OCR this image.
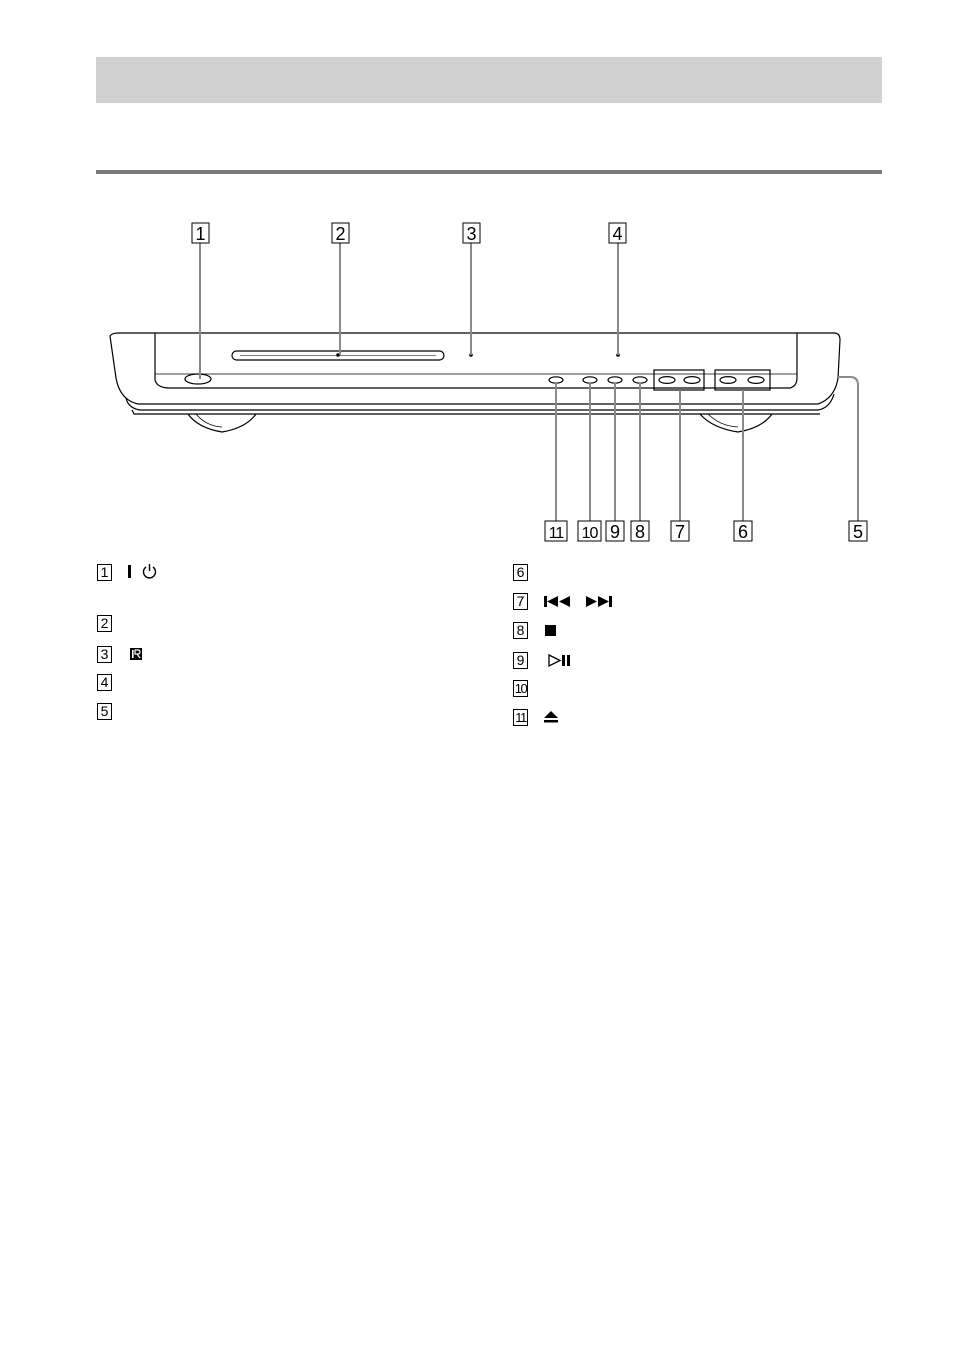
1	2	3	4
11 10 9 8 7	6	5
1
2
3
4
5
6
7
8
9
10
11
